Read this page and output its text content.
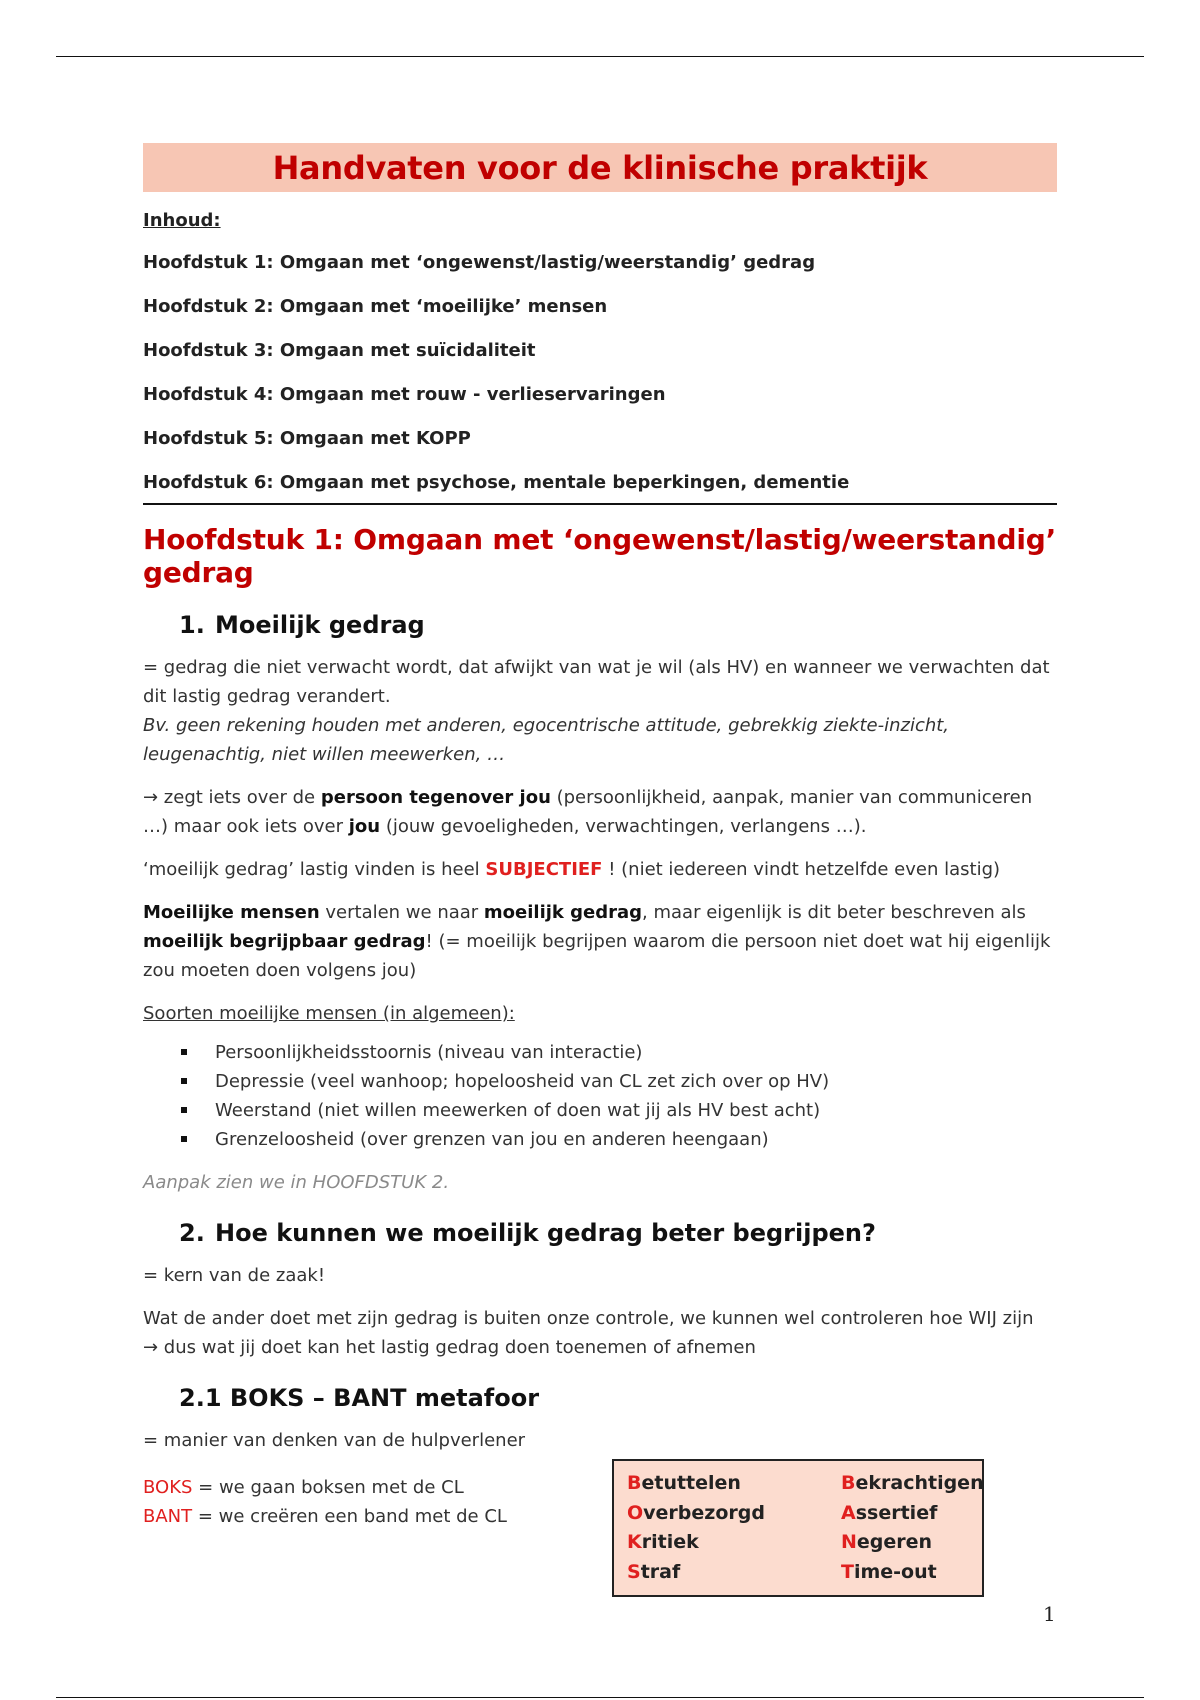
Handvaten voor de klinische praktijk
Inhoud:
Hoofdstuk 1: Omgaan met ‘ongewenst/lastig/weerstandig’ gedrag
Hoofdstuk 2: Omgaan met ‘moeilijke’ mensen
Hoofdstuk 3: Omgaan met suïcidaliteit
Hoofdstuk 4: Omgaan met rouw - verlieservaringen
Hoofdstuk 5: Omgaan met KOPP
Hoofdstuk 6: Omgaan met psychose, mentale beperkingen, dementie
Hoofdstuk 1: Omgaan met ‘ongewenst/lastig/weerstandig’ gedrag
1. Moeilijk gedrag

= gedrag die niet verwacht wordt, dat afwijkt van wat je wil (als HV) en wanneer we verwachten dat dit lastig gedrag verandert.
Bv. geen rekening houden met anderen, egocentrische attitude, gebrekkig ziekte-inzicht, leugenachtig, niet willen meewerken, …

→ zegt iets over de persoon tegenover jou (persoonlijkheid, aanpak, manier van communiceren …) maar ook iets over jou (jouw gevoeligheden, verwachtingen, verlangens …).

‘moeilijk gedrag’ lastig vinden is heel SUBJECTIEF ! (niet iedereen vindt hetzelfde even lastig)

Moeilijke mensen vertalen we naar moeilijk gedrag, maar eigenlijk is dit beter beschreven als moeilijk begrijpbaar gedrag! (= moeilijk begrijpen waarom die persoon niet doet wat hij eigenlijk zou moeten doen volgens jou)

Soorten moeilijke mensen (in algemeen):

Persoonlijkheidsstoornis (niveau van interactie)
Depressie (veel wanhoop; hopeloosheid van CL zet zich over op HV)
Weerstand (niet willen meewerken of doen wat jij als HV best acht)
Grenzeloosheid (over grenzen van jou en anderen heengaan)

Aanpak zien we in HOOFDSTUK 2.

2. Hoe kunnen we moeilijk gedrag beter begrijpen?

= kern van de zaak!

Wat de ander doet met zijn gedrag is buiten onze controle, we kunnen wel controleren hoe WIJ zijn
→ dus wat jij doet kan het lastig gedrag doen toenemen of afnemen

2.1 BOKS – BANT metafoor

= manier van denken van de hulpverlener

BOKS = we gaan boksen met de CL

BANT = we creëren een band met de CL

Betuttelen
Overbezorgd
Kritiek
Straf
Bekrachtigen
Assertief
Negeren
Time-out
1
